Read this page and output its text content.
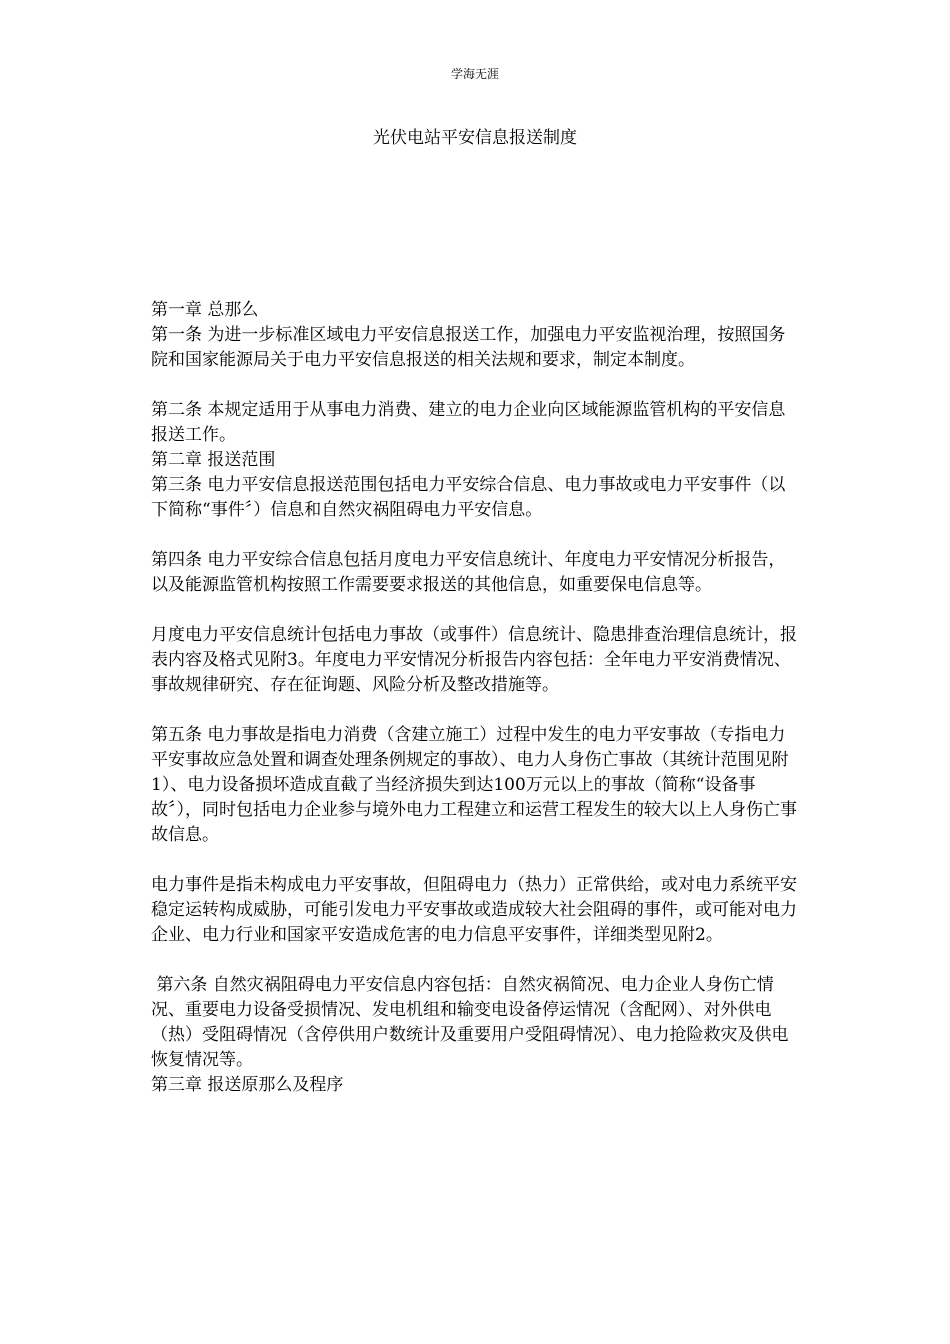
学海无涯
光伏电站平安信息报送制度

第一章 总那么

第一条 为进一步标准区域电力平安信息报送工作，加强电力平安监视治理，按照国务院和国家能源局关于电力平安信息报送的相关法规和要求，制定本制度。

第二条 本规定适用于从事电力消费、建立的电力企业向区域能源监管机构的平安信息报送工作。

第二章 报送范围

第三条 电力平安信息报送范围包括电力平安综合信息、电力事故或电力平安事件（以下简称“事件〞）信息和自然灾祸阻碍电力平安信息。

第四条 电力平安综合信息包括月度电力平安信息统计、年度电力平安情况分析报告，以及能源监管机构按照工作需要要求报送的其他信息，如重要保电信息等。

月度电力平安信息统计包括电力事故（或事件）信息统计、隐患排查治理信息统计，报表内容及格式见附3。年度电力平安情况分析报告内容包括：全年电力平安消费情况、事故规律研究、存在征询题、风险分析及整改措施等。

第五条 电力事故是指电力消费（含建立施工）过程中发生的电力平安事故（专指电力平安事故应急处置和调查处理条例规定的事故）、电力人身伤亡事故（其统计范围见附1）、电力设备损坏造成直截了当经济损失到达100万元以上的事故（简称“设备事故〞），同时包括电力企业参与境外电力工程建立和运营工程发生的较大以上人身伤亡事故信息。

电力事件是指未构成电力平安事故，但阻碍电力（热力）正常供给，或对电力系统平安稳定运转构成威胁，可能引发电力平安事故或造成较大社会阻碍的事件，或可能对电力企业、电力行业和国家平安造成危害的电力信息平安事件，详细类型见附2。

第六条 自然灾祸阻碍电力平安信息内容包括：自然灾祸简况、电力企业人身伤亡情况、重要电力设备受损情况、发电机组和输变电设备停运情况（含配网）、对外供电（热）受阻碍情况（含停供用户数统计及重要用户受阻碍情况）、电力抢险救灾及供电恢复情况等。

第三章 报送原那么及程序
